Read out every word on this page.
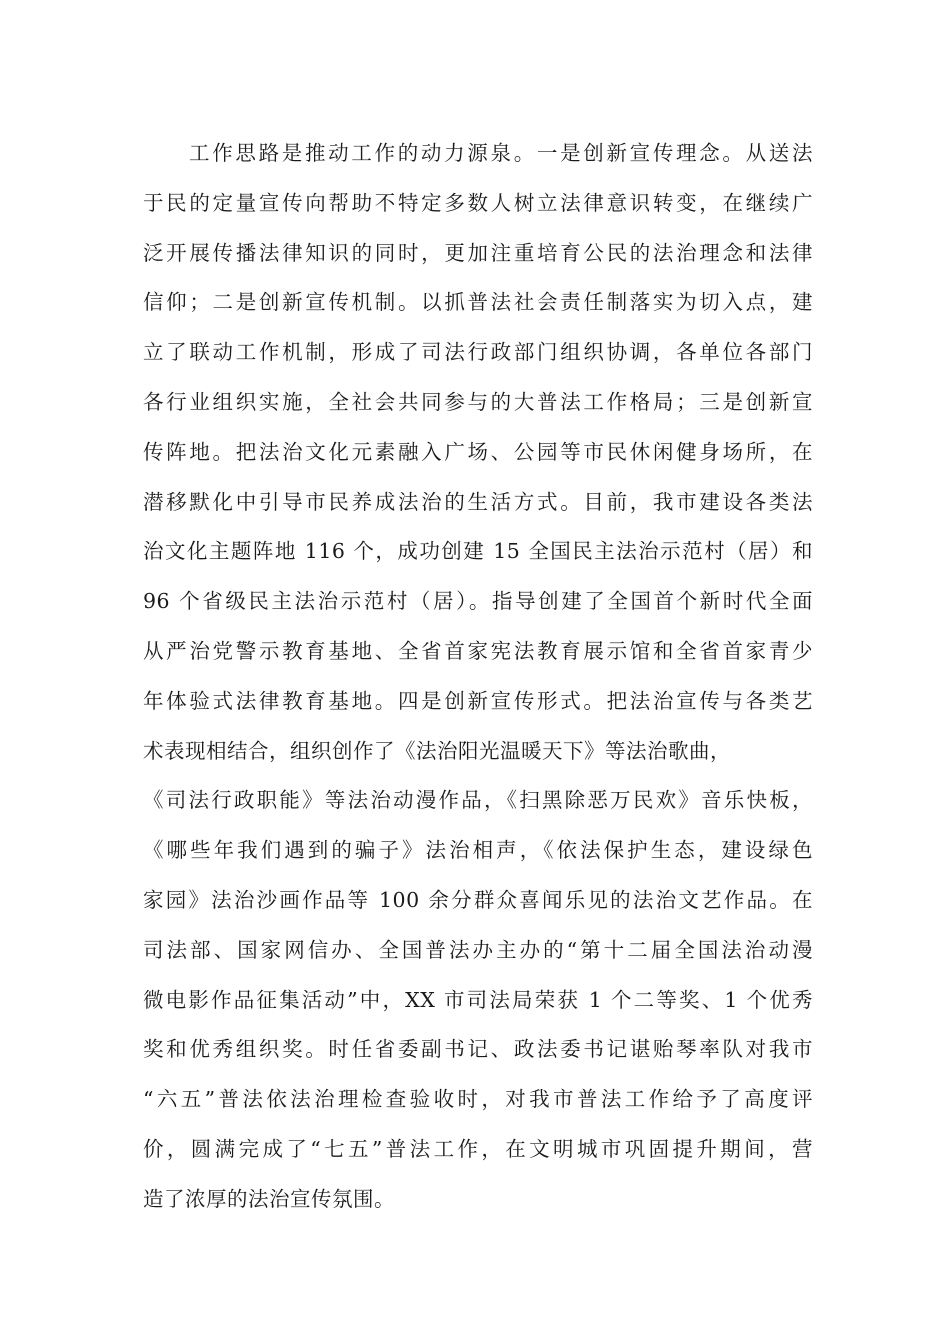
工作思路是推动工作的动力源泉。一是创新宣传理念。从送法
于民的定量宣传向帮助不特定多数人树立法律意识转变，在继续广
泛开展传播法律知识的同时，更加注重培育公民的法治理念和法律
信仰；二是创新宣传机制。以抓普法社会责任制落实为切入点，建
立了联动工作机制，形成了司法行政部门组织协调，各单位各部门
各行业组织实施，全社会共同参与的大普法工作格局；三是创新宣
传阵地。把法治文化元素融入广场、公园等市民休闲健身场所，在
潜移默化中引导市民养成法治的生活方式。目前，我市建设各类法
治文化主题阵地 116 个，成功创建 15 全国民主法治示范村（居）和
96 个省级民主法治示范村（居）。指导创建了全国首个新时代全面
从严治党警示教育基地、全省首家宪法教育展示馆和全省首家青少
年体验式法律教育基地。四是创新宣传形式。把法治宣传与各类艺
术表现相结合，组织创作了《法治阳光温暖天下》等法治歌曲，
《司法行政职能》等法治动漫作品，《扫黑除恶万民欢》音乐快板，
《哪些年我们遇到的骗子》法治相声，《依法保护生态，建设绿色
家园》法治沙画作品等 100 余分群众喜闻乐见的法治文艺作品。在
司法部、国家网信办、全国普法办主办的“第十二届全国法治动漫
微电影作品征集活动”中，XX 市司法局荣获 1 个二等奖、1 个优秀
奖和优秀组织奖。时任省委副书记、政法委书记谌贻琴率队对我市
“六五”普法依法治理检查验收时，对我市普法工作给予了高度评
价，圆满完成了“七五”普法工作，在文明城市巩固提升期间，营
造了浓厚的法治宣传氛围。
